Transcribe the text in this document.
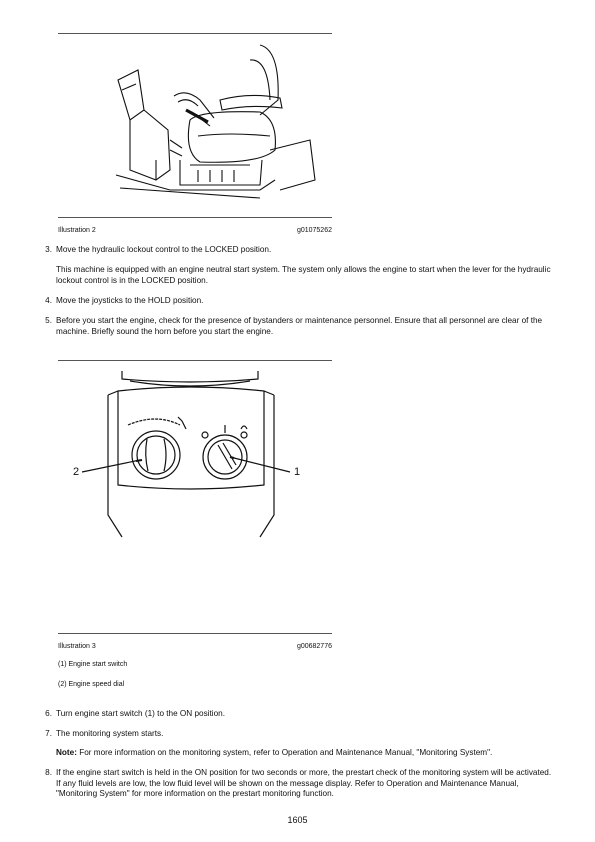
Illustration 2	g01075262
3. Move the hydraulic lockout control to the LOCKED position.
This machine is equipped with an engine neutral start system. The system only allows the engine to start when the lever for the hydraulic lockout control is in the LOCKED position.
4. Move the joysticks to the HOLD position.
5. Before you start the engine, check for the presence of bystanders or maintenance personnel. Ensure that all personnel are clear of the machine. Briefly sound the horn before you start the engine.
2	1
Illustration 3	g00682776
(1) Engine start switch
(2) Engine speed dial
6. Turn engine start switch (1) to the ON position.
7. The monitoring system starts.
Note: For more information on the monitoring system, refer to Operation and Maintenance Manual, "Monitoring System".
8. If the engine start switch is held in the ON position for two seconds or more, the prestart check of the monitoring system will be activated. If any fluid levels are low, the low fluid level will be shown on the message display. Refer to Operation and Maintenance Manual, "Monitoring System" for more information on the prestart monitoring function.
1605
